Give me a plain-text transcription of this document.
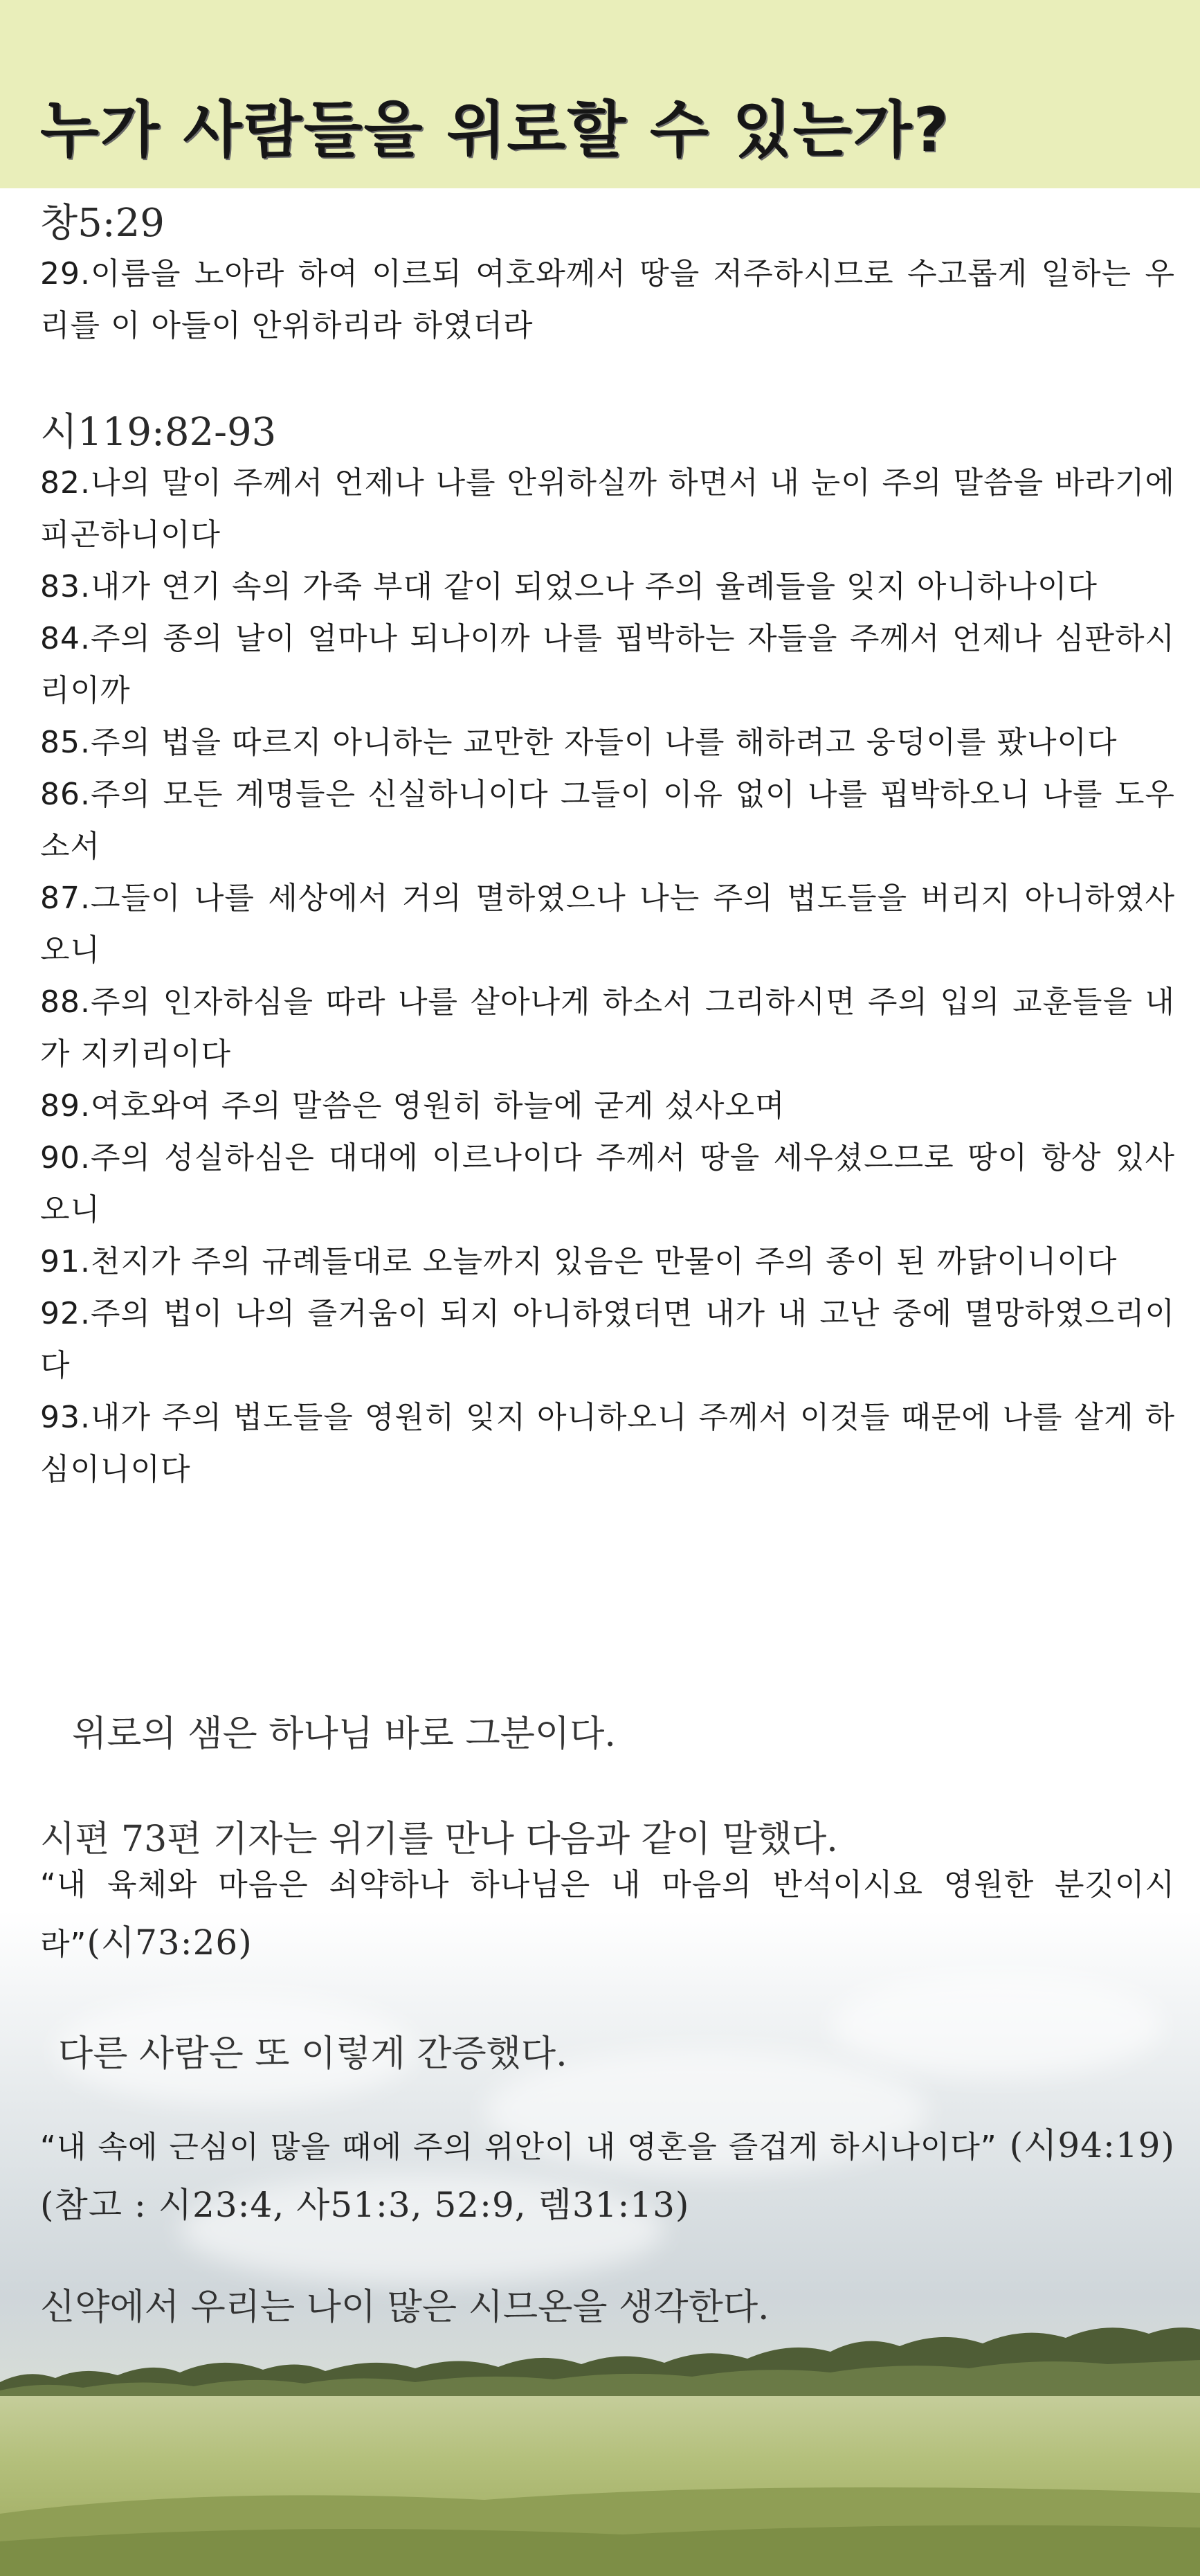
누가 사람들을 위로할 수 있는가?
창5:29
29.이름을 노아라 하여 이르되 여호와께서 땅을 저주하시므로 수고롭게 일하는 우리를 이 아들이 안위하리라 하였더라
시119:82-93
82.나의 말이 주께서 언제나 나를 안위하실까 하면서 내 눈이 주의 말씀을 바라기에 피곤하니이다
83.내가 연기 속의 가죽 부대 같이 되었으나 주의 율례들을 잊지 아니하나이다
84.주의 종의 날이 얼마나 되나이까 나를 핍박하는 자들을 주께서 언제나 심판하시리이까
85.주의 법을 따르지 아니하는 교만한 자들이 나를 해하려고 웅덩이를 팠나이다
86.주의 모든 계명들은 신실하니이다 그들이 이유 없이 나를 핍박하오니 나를 도우소서
87.그들이 나를 세상에서 거의 멸하였으나 나는 주의 법도들을 버리지 아니하였사오니
88.주의 인자하심을 따라 나를 살아나게 하소서 그리하시면 주의 입의 교훈들을 내가 지키리이다
89.여호와여 주의 말씀은 영원히 하늘에 굳게 섰사오며
90.주의 성실하심은 대대에 이르나이다 주께서 땅을 세우셨으므로 땅이 항상 있사오니
91.천지가 주의 규례들대로 오늘까지 있음은 만물이 주의 종이 된 까닭이니이다
92.주의 법이 나의 즐거움이 되지 아니하였더면 내가 내 고난 중에 멸망하였으리이다
93.내가 주의 법도들을 영원히 잊지 아니하오니 주께서 이것들 때문에 나를 살게 하심이니이다
위로의 샘은 하나님 바로 그분이다.
시편 73편 기자는 위기를 만나 다음과 같이 말했다.
“내 육체와 마음은 쇠약하나 하나님은 내 마음의 반석이시요 영원한 분깃이시라”(시73:26)
다른 사람은 또 이렇게 간증했다.
“내 속에 근심이 많을 때에 주의 위안이 내 영혼을 즐겁게 하시나이다” (시94:19) (참고 : 시23:4, 사51:3, 52:9, 렘31:13)
신약에서 우리는 나이 많은 시므온을 생각한다.
